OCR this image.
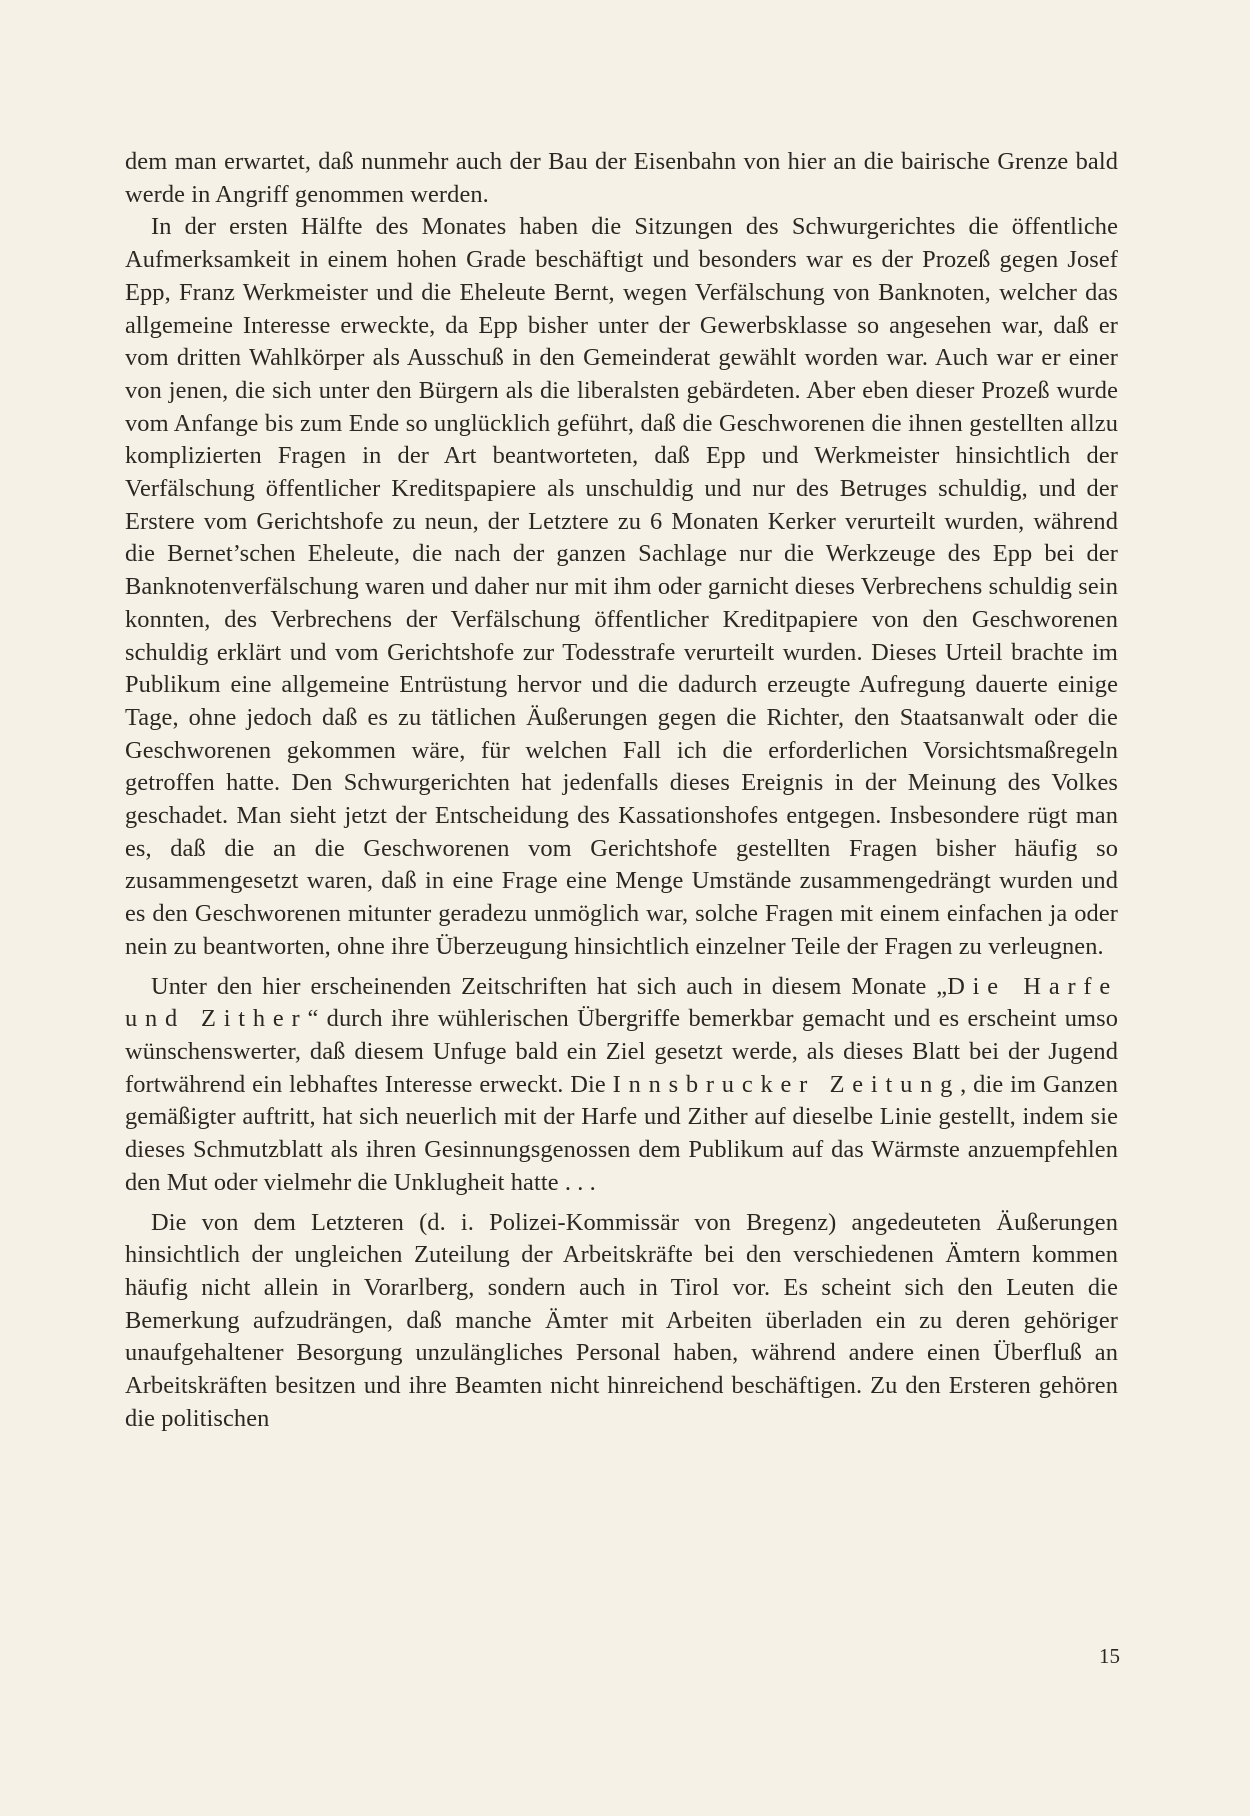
dem man erwartet, daß nunmehr auch der Bau der Eisenbahn von hier an die bairische Grenze bald werde in Angriff genommen werden.

In der ersten Hälfte des Monates haben die Sitzungen des Schwurgerichtes die öffentliche Aufmerksamkeit in einem hohen Grade beschäftigt und besonders war es der Prozeß gegen Josef Epp, Franz Werkmeister und die Eheleute Bernt, wegen Verfälschung von Banknoten, welcher das allgemeine Interesse erweckte, da Epp bisher unter der Gewerbsklasse so angesehen war, daß er vom dritten Wahlkörper als Ausschuß in den Gemeinderat gewählt worden war. Auch war er einer von jenen, die sich unter den Bürgern als die liberalsten gebärdeten. Aber eben dieser Prozeß wurde vom Anfange bis zum Ende so unglücklich geführt, daß die Geschworenen die ihnen gestellten allzu komplizierten Fragen in der Art beantworteten, daß Epp und Werkmeister hinsichtlich der Verfälschung öffentlicher Kreditspapiere als unschuldig und nur des Betruges schuldig, und der Erstere vom Gerichtshofe zu neun, der Letztere zu 6 Monaten Kerker verurteilt wurden, während die Bernet’schen Eheleute, die nach der ganzen Sachlage nur die Werkzeuge des Epp bei der Banknotenverfälschung waren und daher nur mit ihm oder garnicht dieses Verbrechens schuldig sein konnten, des Verbrechens der Verfälschung öffentlicher Kreditpapiere von den Geschworenen schuldig erklärt und vom Gerichtshofe zur Todesstrafe verurteilt wurden. Dieses Urteil brachte im Publikum eine allgemeine Entrüstung hervor und die dadurch erzeugte Aufregung dauerte einige Tage, ohne jedoch daß es zu tätlichen Äußerungen gegen die Richter, den Staatsanwalt oder die Geschworenen gekommen wäre, für welchen Fall ich die erforderlichen Vorsichtsmaßregeln getroffen hatte. Den Schwurgerichten hat jedenfalls dieses Ereignis in der Meinung des Volkes geschadet. Man sieht jetzt der Entscheidung des Kassationshofes entgegen. Insbesondere rügt man es, daß die an die Geschworenen vom Gerichtshofe gestellten Fragen bisher häufig so zusammengesetzt waren, daß in eine Frage eine Menge Umstände zusammengedrängt wurden und es den Geschworenen mitunter geradezu unmöglich war, solche Fragen mit einem einfachen ja oder nein zu beantworten, ohne ihre Überzeugung hinsichtlich einzelner Teile der Fragen zu verleugnen.

Unter den hier erscheinenden Zeitschriften hat sich auch in diesem Monate „Die Harfe und Zither“ durch ihre wühlerischen Übergriffe bemerkbar gemacht und es erscheint umso wünschenswerter, daß diesem Unfuge bald ein Ziel gesetzt werde, als dieses Blatt bei der Jugend fortwährend ein lebhaftes Interesse erweckt. Die Innsbrucker Zeitung, die im Ganzen gemäßigter auftritt, hat sich neuerlich mit der Harfe und Zither auf dieselbe Linie gestellt, indem sie dieses Schmutzblatt als ihren Gesinnungsgenossen dem Publikum auf das Wärmste anzuempfehlen den Mut oder vielmehr die Unklugheit hatte . . .

Die von dem Letzteren (d. i. Polizei-Kommissär von Bregenz) angedeuteten Äußerungen hinsichtlich der ungleichen Zuteilung der Arbeitskräfte bei den verschiedenen Ämtern kommen häufig nicht allein in Vorarlberg, sondern auch in Tirol vor. Es scheint sich den Leuten die Bemerkung aufzudrängen, daß manche Ämter mit Arbeiten überladen ein zu deren gehöriger unaufgehaltener Besorgung unzulängliches Personal haben, während andere einen Überfluß an Arbeitskräften besitzen und ihre Beamten nicht hinreichend beschäftigen. Zu den Ersteren gehören die politischen

15
